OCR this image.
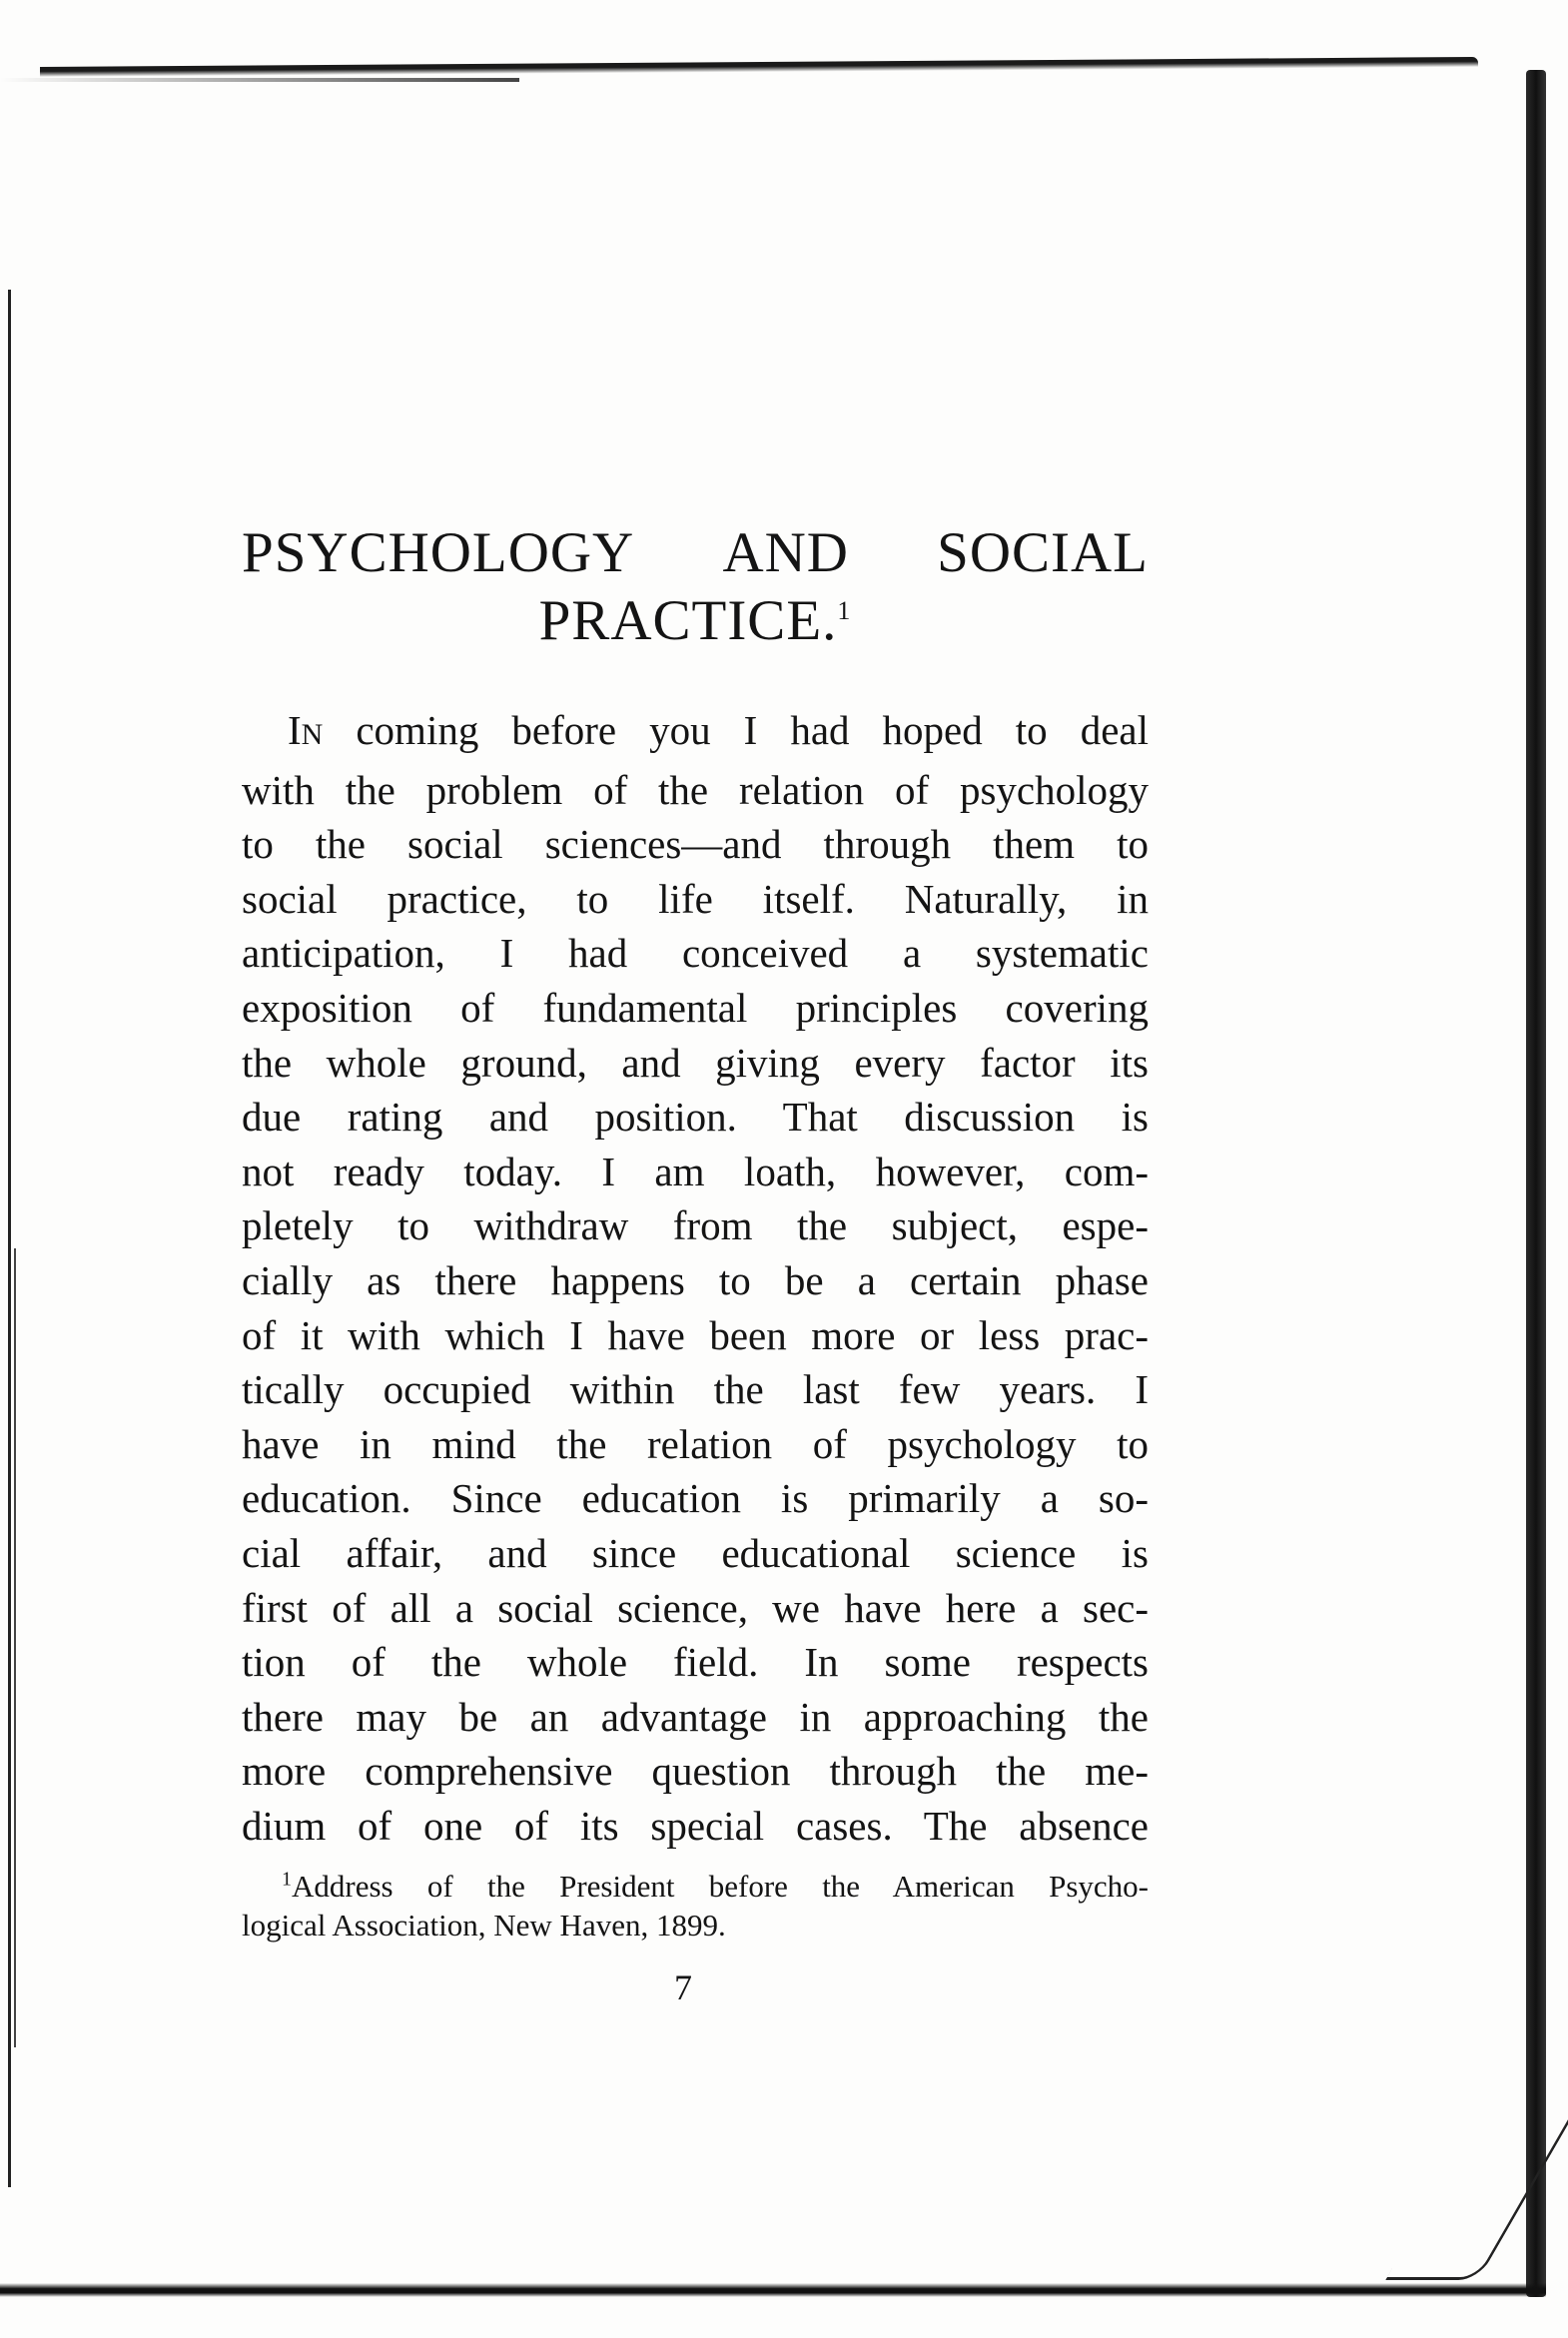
PSYCHOLOGY AND SOCIAL
PRACTICE.$^1$
IN coming before you I had hoped to deal
with the problem of the relation of psychology
to the social sciences—and through them to
social practice, to life itself. Naturally, in
anticipation, I had conceived a systematic
exposition of fundamental principles covering
the whole ground, and giving every factor its
due rating and position. That discussion is
not ready today. I am loath, however, com-
pletely to withdraw from the subject, espe-
cially as there happens to be a certain phase
of it with which I have been more or less prac-
tically occupied within the last few years. I
have in mind the relation of psychology to
education. Since education is primarily a so-
cial affair, and since educational science is
first of all a social science, we have here a sec-
tion of the whole field. In some respects
there may be an advantage in approaching the
more comprehensive question through the me-
dium of one of its special cases. The absence
$^1$Address of the President before the American Psycho-
logical Association, New Haven, 1899.
7
